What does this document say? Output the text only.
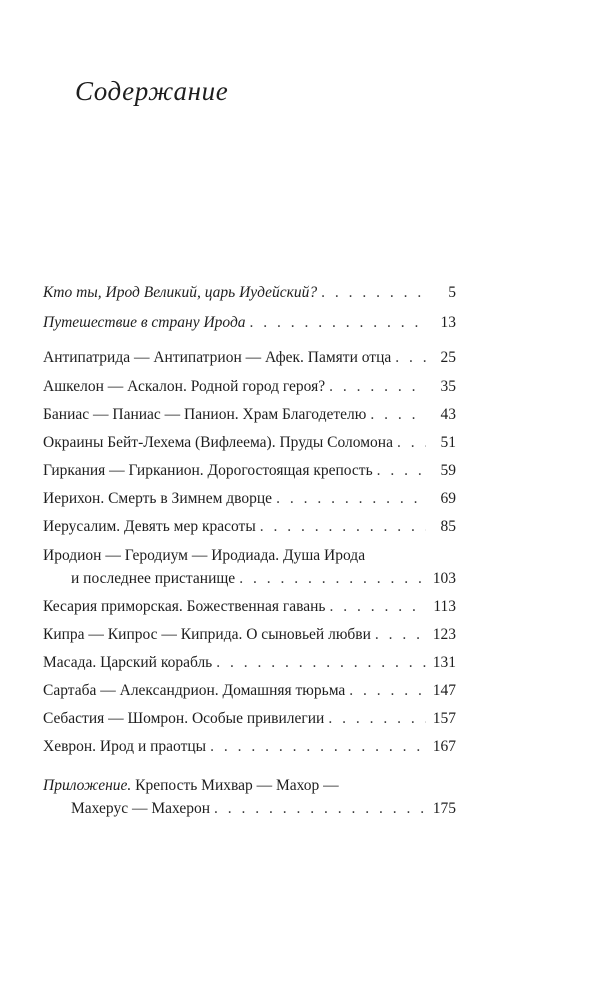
Содержание
Кто ты, Ирод Великий, царь Иудейский? . . .	5
Путешествие в страну Ирода . . .	13
Антипатрида — Антипатрион — Афек. Памяти отца . . .	25
Ашкелон — Аскалон. Родной город героя? . . .	35
Баниас — Паниас — Панион. Храм Благодетелю . . .	43
Окраины Бейт-Лехема (Вифлеема). Пруды Соломона . . .	51
Гиркания — Гирканион. Дорогостоящая крепость . . .	59
Иерихон. Смерть в Зимнем дворце . . .	69
Иерусалим. Девять мер красоты . . .	85
Иродион — Геродиум — Иродиада. Душа Ирода
и последнее пристанище . . .	103
Кесария приморская. Божественная гавань . . .	113
Кипра — Кипрос — Киприда. О сыновьей любви . . .	123
Масада. Царский корабль . . .	131
Сартаба — Александрион. Домашняя тюрьма . . .	147
Себастия — Шомрон. Особые привилегии . . .	157
Хеврон. Ирод и праотцы . . .	167
Приложение. Крепость Михвар — Махор —
Махерус — Махерон . . .	175
